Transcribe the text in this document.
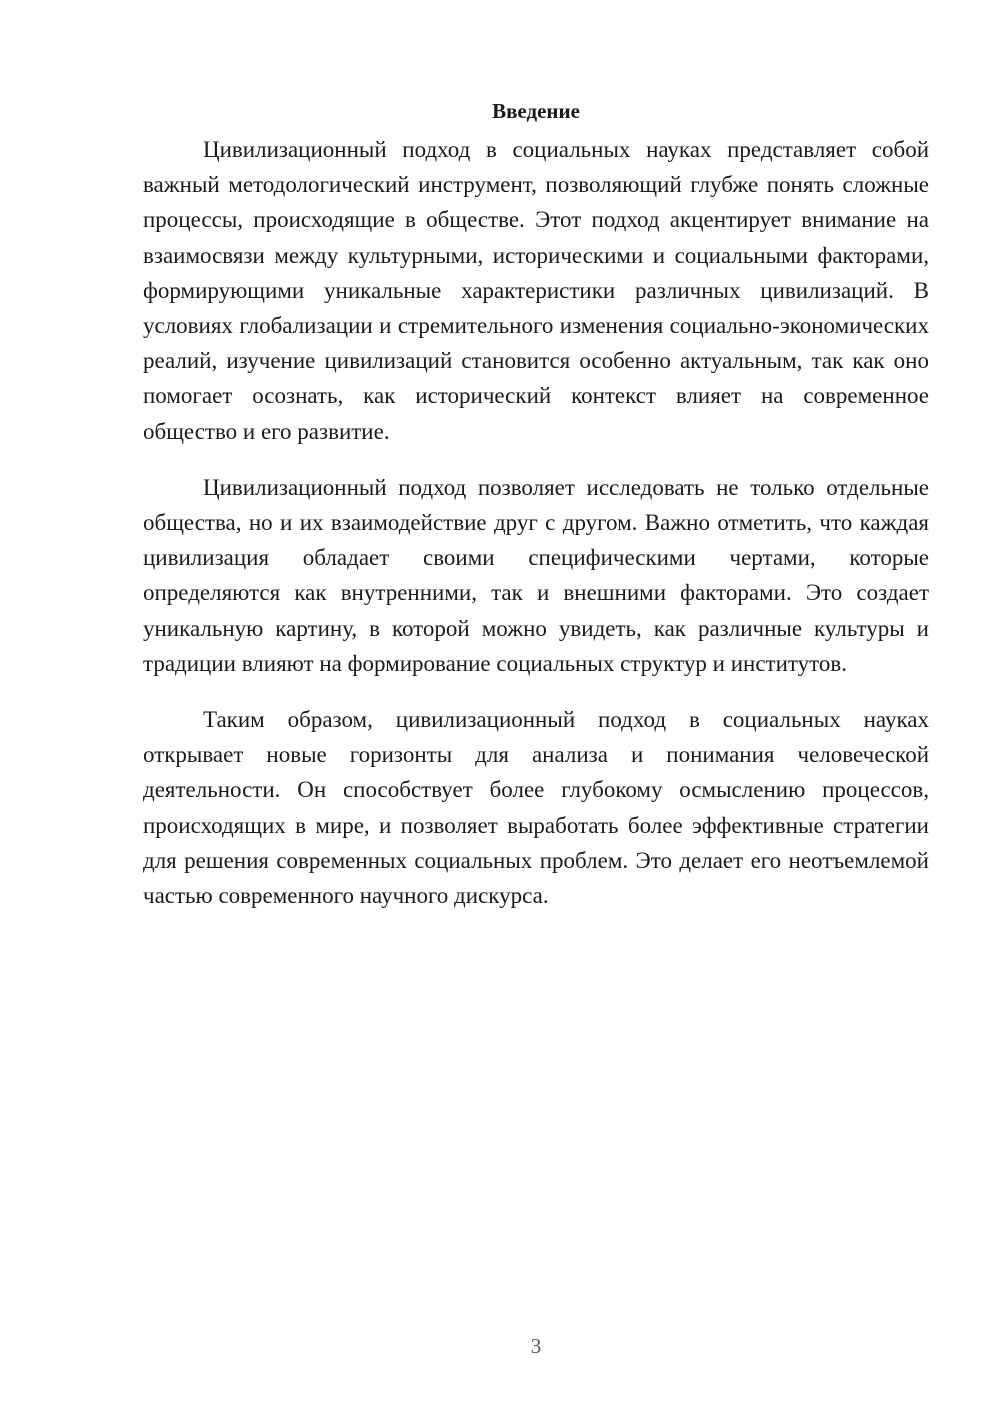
Введение

Цивилизационный подход в социальных науках представляет собой важный методологический инструмент, позволяющий глубже понять сложные процессы, происходящие в обществе. Этот подход акцентирует внимание на взаимосвязи между культурными, историческими и социальными факторами, формирующими уникальные характеристики различных цивилизаций. В условиях глобализации и стремительного изменения социально-экономических реалий, изучение цивилизаций становится особенно актуальным, так как оно помогает осознать, как исторический контекст влияет на современное общество и его развитие.

Цивилизационный подход позволяет исследовать не только отдельные общества, но и их взаимодействие друг с другом. Важно отметить, что каждая цивилизация обладает своими специфическими чертами, которые определяются как внутренними, так и внешними факторами. Это создает уникальную картину, в которой можно увидеть, как различные культуры и традиции влияют на формирование социальных структур и институтов.

Таким образом, цивилизационный подход в социальных науках открывает новые горизонты для анализа и понимания человеческой деятельности. Он способствует более глубокому осмыслению процессов, происходящих в мире, и позволяет выработать более эффективные стратегии для решения современных социальных проблем. Это делает его неотъемлемой частью современного научного дискурса.

3
